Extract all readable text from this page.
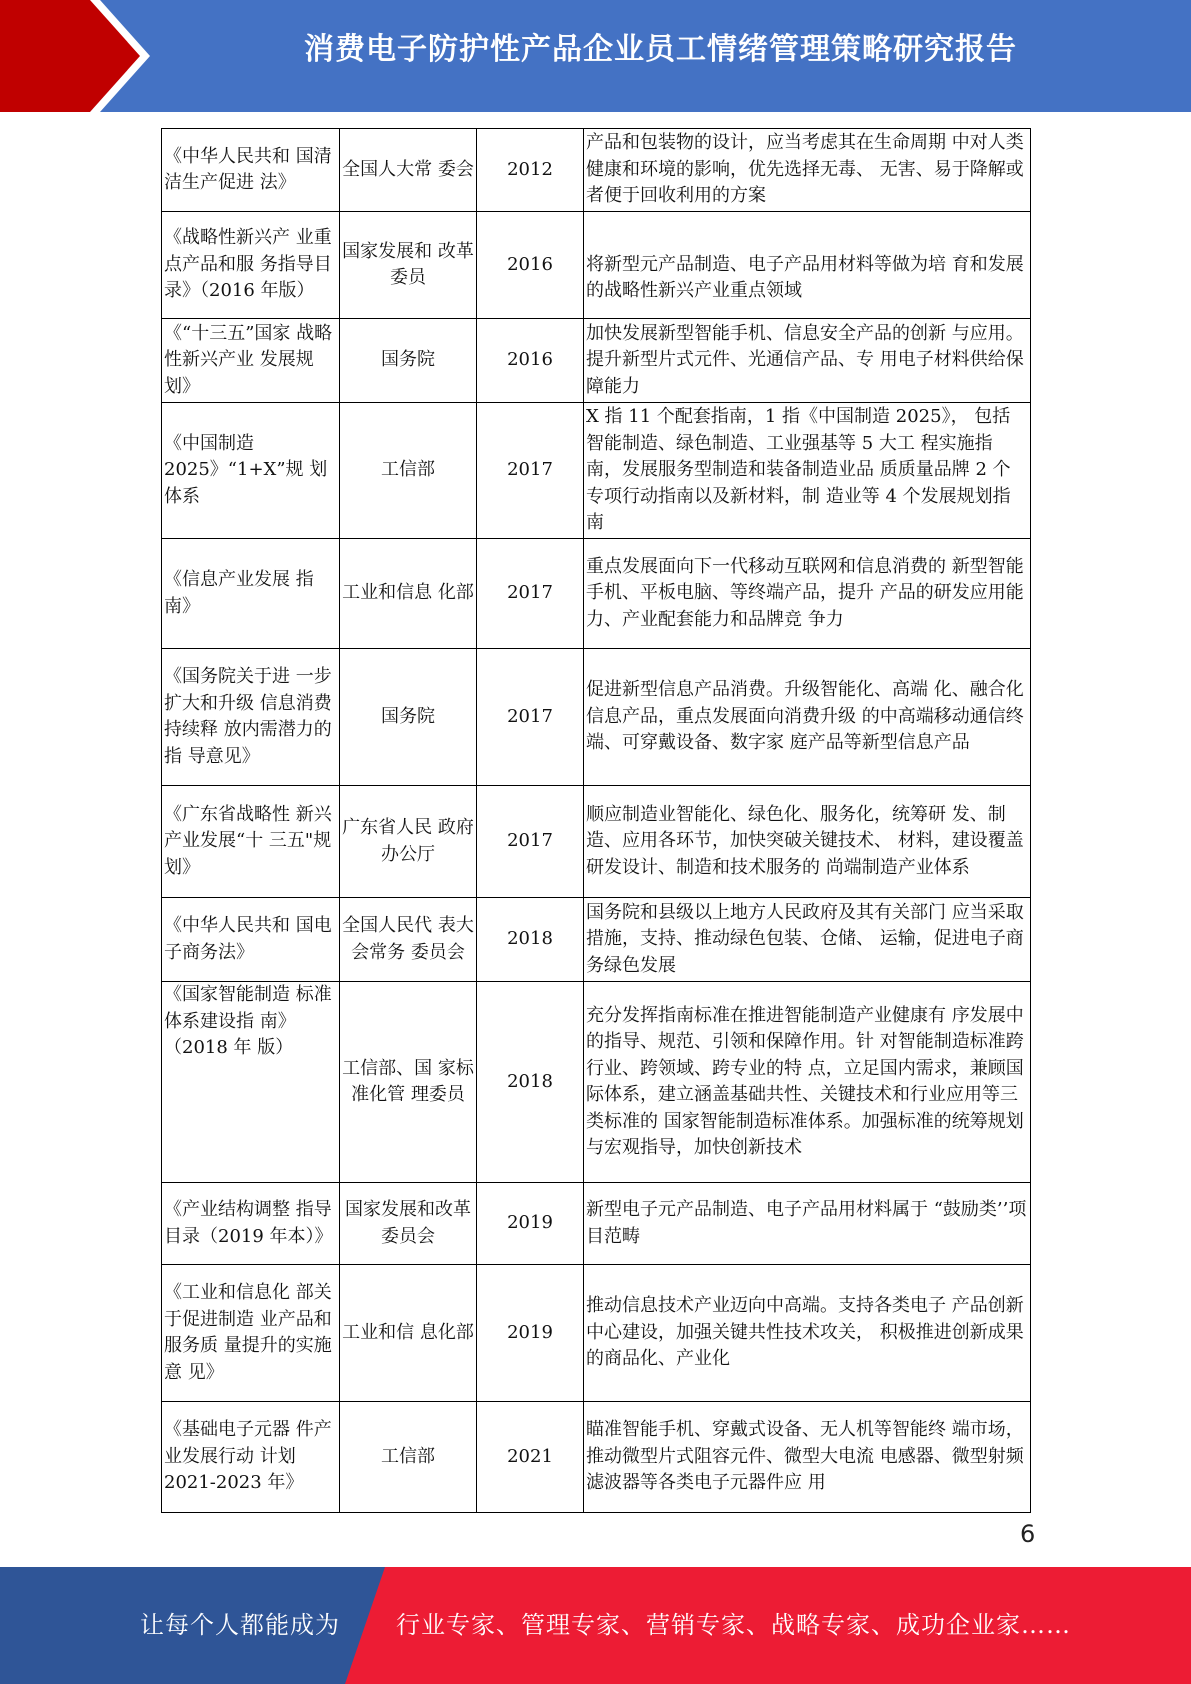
消费电子防护性产品企业员工情绪管理策略研究报告
《中华人民共和 国清洁生产促进 法》	全国人大常 委会	2012	产品和包装物的设计，应当考虑其在生命周期 中对人类健康和环境的影响，优先选择无毒、 无害、易于降解或者便于回收利用的方案
《战略性新兴产 业重点产品和服 务指导目录》（2016 年版）	国家发展和 改革委员	2016	将新型元产品制造、电子产品用材料等做为培 育和发展的战略性新兴产业重点领域
《“十三五”国家 战略性新兴产业 发展规划》	国务院	2016	加快发展新型智能手机、信息安全产品的创新 与应用。提升新型片式元件、光通信产品、专 用电子材料供给保障能力
《中国制造 2025》“1+X”规 划体系	工信部	2017	X 指 11 个配套指南，1 指《中国制造 2025》， 包括智能制造、绿色制造、工业强基等 5 大工 程实施指南，发展服务型制造和装备制造业品 质质量品牌 2 个专项行动指南以及新材料，制 造业等 4 个发展规划指南
《信息产业发展 指南》	工业和信息 化部	2017	重点发展面向下一代移动互联网和信息消费的 新型智能手机、平板电脑、等终端产品，提升 产品的研发应用能力、产业配套能力和品牌竞 争力
《国务院关于进 一步扩大和升级 信息消费持续释 放内需潜力的指 导意见》	国务院	2017	促进新型信息产品消费。升级智能化、高端 化、融合化信息产品，重点发展面向消费升级 的中高端移动通信终端、可穿戴设备、数字家 庭产品等新型信息产品
《广东省战略性 新兴产业发展“十 三五"规划》	广东省人民 政府办公厅	2017	顺应制造业智能化、绿色化、服务化，统筹研 发、制造、应用各环节，加快突破关键技术、 材料，建设覆盖研发设计、制造和技术服务的 尚端制造产业体系
《中华人民共和 国电子商务法》	全国人民代 表大会常务 委员会	2018	国务院和县级以上地方人民政府及其有关部门 应当采取措施，支持、推动绿色包装、仓储、 运输，促进电子商务绿色发展
《国家智能制造 标准体系建设指 南》（2018 年 版）	工信部、国 家标准化管 理委员	2018	充分发挥指南标准在推进智能制造产业健康有 序发展中的指导、规范、引领和保障作用。针 对智能制造标准跨行业、跨领域、跨专业的特 点，立足国内需求，兼顾国际体系，建立涵盖基础共性、关键技术和行业应用等三类标准的 国家智能制造标准体系。加强标准的统筹规划 与宏观指导，加快创新技术
《产业结构调整 指导目录（2019 年本）》	国家发展和改革委员会	2019	新型电子元产品制造、电子产品用材料属于 “鼓励类’’项目范畴
《工业和信息化 部关于促进制造 业产品和服务质 量提升的实施意 见》	工业和信 息化部	2019	推动信息技术产业迈向中高端。支持各类电子 产品创新中心建设，加强关键共性技术攻关， 积极推进创新成果的商品化、产业化
《基础电子元器 件产业发展行动 计划 2021-2023 年》	工信部	2021	瞄准智能手机、穿戴式设备、无人机等智能终 端市场，推动微型片式阻容元件、微型大电流 电感器、微型射频滤波器等各类电子元器件应 用
6
让每个人都能成为 行业专家、管理专家、营销专家、战略专家、成功企业家……
